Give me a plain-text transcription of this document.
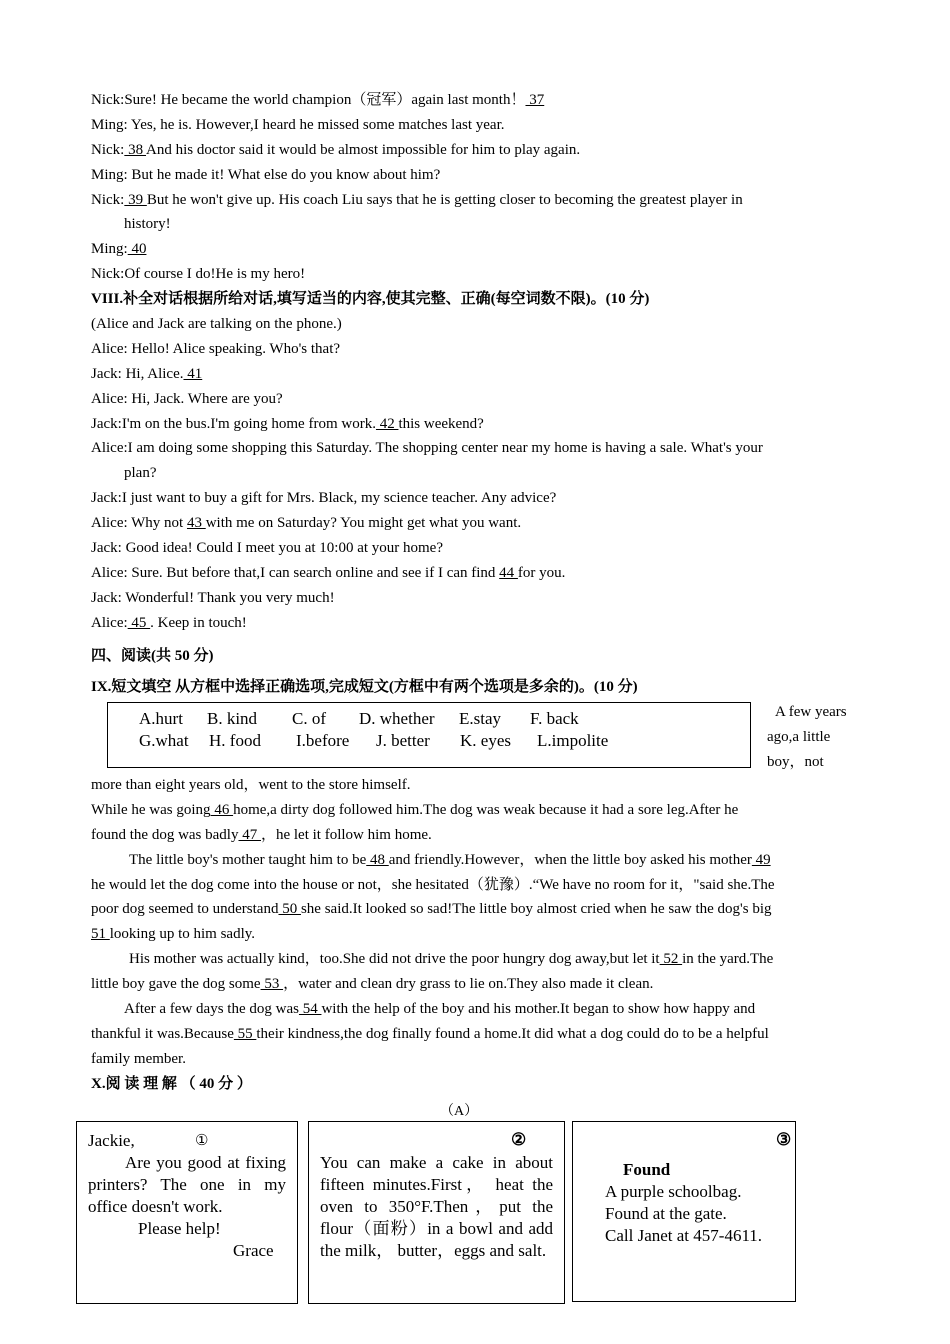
Nick:Sure! He became the world champion（冠军）again last month！ 37
Ming: Yes, he is. However,I heard he missed some matches last year.
Nick: 38 And his doctor said it would be almost impossible for him to play again.
Ming: But he made it! What else do you know about him?
Nick: 39 But he won't give up. His coach Liu says that he is getting closer to becoming the greatest player in
history!
Ming: 40
Nick:Of course I do!He is my hero!
VIII.补全对话根据所给对话,填写适当的内容,使其完整、正确(每空词数不限)。(10 分)
(Alice and Jack are talking on the phone.)
Alice: Hello! Alice speaking. Who's that?
Jack: Hi, Alice. 41
Alice: Hi, Jack. Where are you?
Jack:I'm on the bus.I'm going home from work. 42 this weekend?
Alice:I am doing some shopping this Saturday. The shopping center near my home is having a sale. What's your
plan?
Jack:I just want to buy a gift for Mrs. Black, my science teacher. Any advice?
Alice: Why not 43 with me on Saturday? You might get what you want.
Jack: Good idea! Could I meet you at 10:00 at your home?
Alice: Sure. But before that,I can search online and see if I can find 44 for you.
Jack: Wonderful! Thank you very much!
Alice: 45 . Keep in touch!
四、阅读(共 50 分)
IX.短文填空 从方框中选择正确选项,完成短文(方框中有两个选项是多余的)。(10 分)
A.hurt B. kind C. of D. whether E.stay F. back
G.what H. food I.before J. better K. eyes L.impolite
A few years
ago,a little
boy，not
more than eight years old，went to the store himself.
While he was going 46 home,a dirty dog followed him.The dog was weak because it had a sore leg.After he
found the dog was badly 47 ，he let it follow him home.
The little boy's mother taught him to be 48 and friendly.However，when the little boy asked his mother 49
he would let the dog come into the house or not，she hesitated（犹豫）.“We have no room for it，"said she.The
poor dog seemed to understand 50 she said.It looked so sad!The little boy almost cried when he saw the dog's big
51 looking up to him sadly.
His mother was actually kind，too.She did not drive the poor hungry dog away,but let it 52 in the yard.The
little boy gave the dog some 53 ，water and clean dry grass to lie on.They also made it clean.
After a few days the dog was 54 with the help of the boy and his mother.It began to show how happy and
thankful it was.Because 55 their kindness,the dog finally found a home.It did what a dog could do to be a helpful
family member.
X.阅 读 理 解 （ 40 分 ）
（A）
①
Jackie,
Are you good at fixing printers? The one in my office doesn't work.
Please help!
Grace
②
You can make a cake in about fifteen minutes.First， heat the oven to 350°F.Then，put the flour（面粉）in a bowl and add the milk， butter，eggs and salt.
③
Found
A purple schoolbag.
Found at the gate.
Call Janet at 457-4611.
